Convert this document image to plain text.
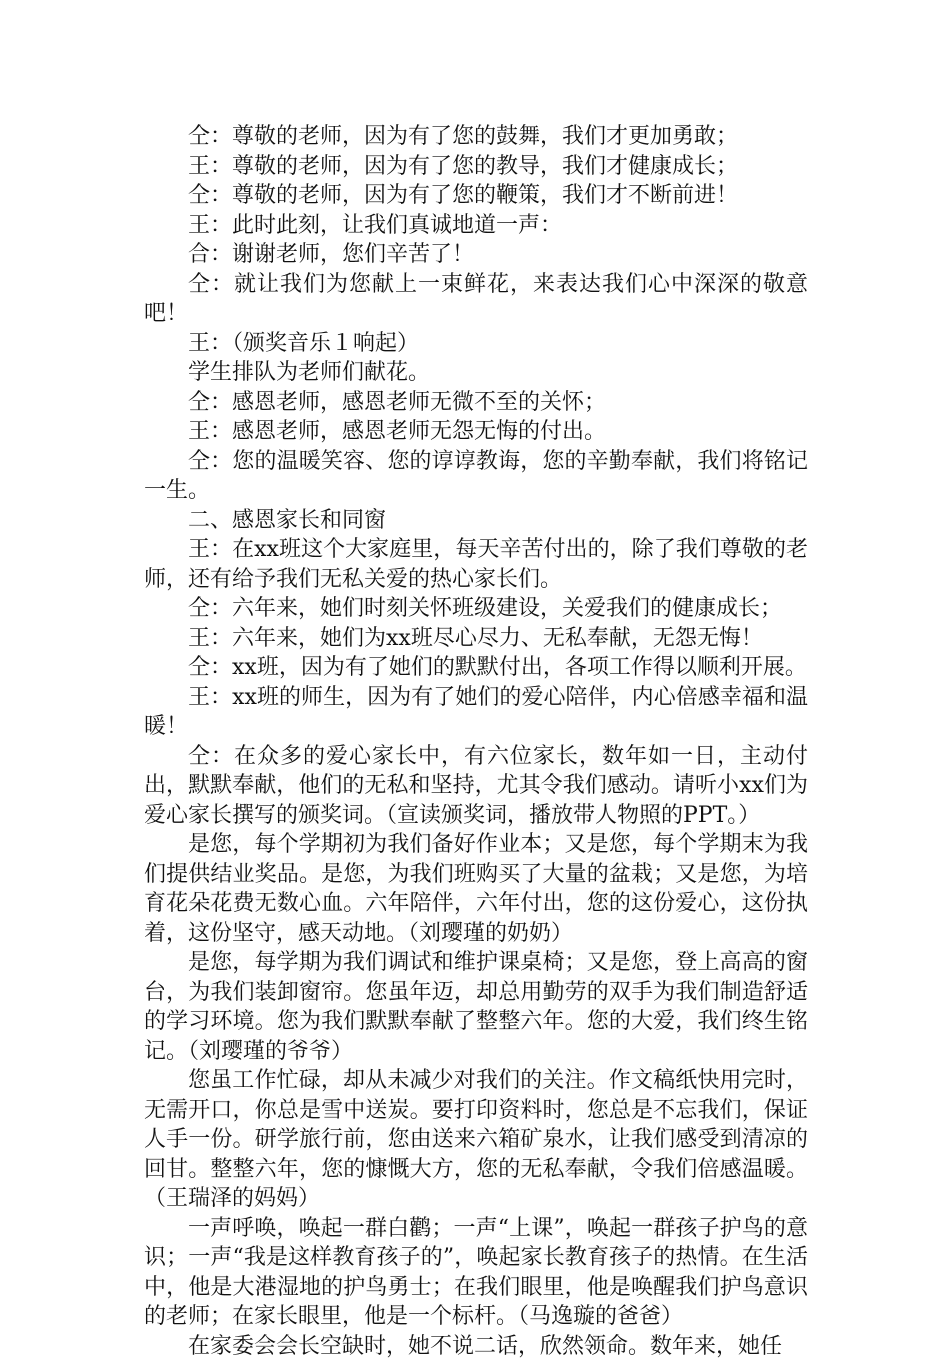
仝：尊敬的老师，因为有了您的鼓舞，我们才更加勇敢；

王：尊敬的老师，因为有了您的教导，我们才健康成长；

仝：尊敬的老师，因为有了您的鞭策，我们才不断前进！

王：此时此刻，让我们真诚地道一声：

合：谢谢老师，您们辛苦了！

仝：就让我们为您献上一束鲜花，来表达我们心中深深的敬意吧！

王：（颁奖音乐１响起）

学生排队为老师们献花。

仝：感恩老师，感恩老师无微不至的关怀；

王：感恩老师，感恩老师无怨无悔的付出。

仝：您的温暖笑容、您的谆谆教诲，您的辛勤奉献，我们将铭记一生。

二、感恩家长和同窗

王：在xx班这个大家庭里，每天辛苦付出的，除了我们尊敬的老师，还有给予我们无私关爱的热心家长们。

仝：六年来，她们时刻关怀班级建设，关爱我们的健康成长；

王：六年来，她们为xx班尽心尽力、无私奉献，无怨无悔！

仝：xx班，因为有了她们的默默付出，各项工作得以顺利开展。

王：xx班的师生，因为有了她们的爱心陪伴，内心倍感幸福和温暖！

仝：在众多的爱心家长中，有六位家长，数年如一日，主动付出，默默奉献，他们的无私和坚持，尤其令我们感动。请听小xx们为爱心家长撰写的颁奖词。（宣读颁奖词，播放带人物照的PPT。）

是您，每个学期初为我们备好作业本；又是您，每个学期末为我们提供结业奖品。是您，为我们班购买了大量的盆栽；又是您，为培育花朵花费无数心血。六年陪伴，六年付出，您的这份爱心，这份执着，这份坚守，感天动地。（刘璎瑾的奶奶）

是您，每学期为我们调试和维护课桌椅；又是您，登上高高的窗台，为我们装卸窗帘。您虽年迈，却总用勤劳的双手为我们制造舒适的学习环境。您为我们默默奉献了整整六年。您的大爱，我们终生铭记。（刘璎瑾的爷爷）

您虽工作忙碌，却从未减少对我们的关注。作文稿纸快用完时，无需开口，你总是雪中送炭。要打印资料时，您总是不忘我们，保证人手一份。研学旅行前，您由送来六箱矿泉水，让我们感受到清凉的回甘。整整六年，您的慷慨大方，您的无私奉献，令我们倍感温暖。（王瑞泽的妈妈）

一声呼唤，唤起一群白鹳；一声“上课”，唤起一群孩子护鸟的意识；一声“我是这样教育孩子的”，唤起家长教育孩子的热情。在生活中，他是大港湿地的护鸟勇士；在我们眼里，他是唤醒我们护鸟意识的老师；在家长眼里，他是一个标杆。（马逸璇的爸爸）

在家委会会长空缺时，她不说二话，欣然领命。数年来，她任
